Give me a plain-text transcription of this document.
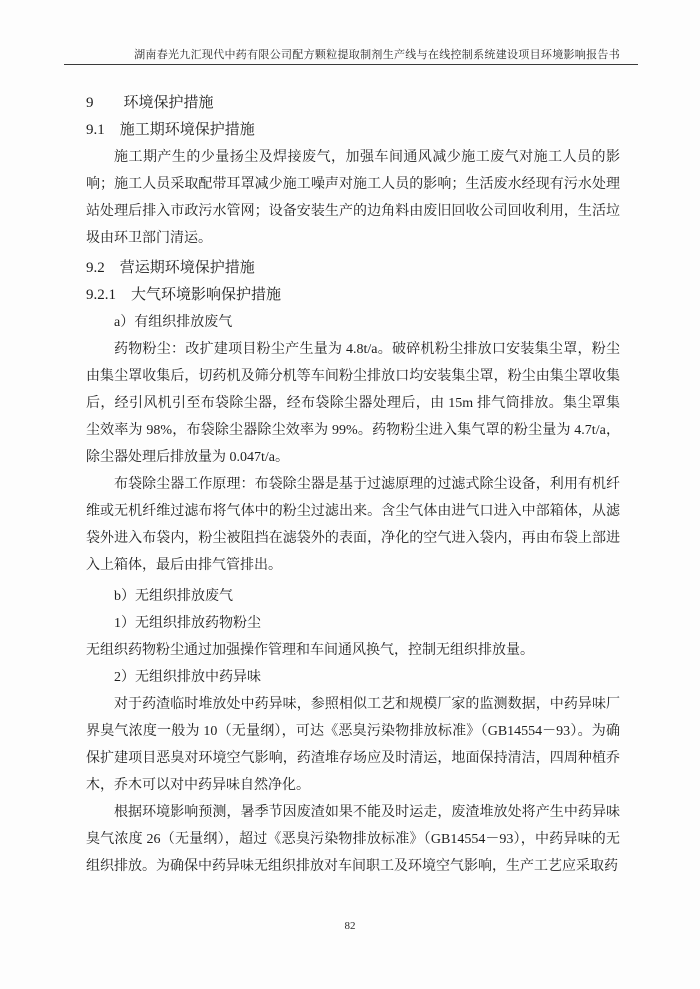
湖南春光九汇现代中药有限公司配方颗粒提取制剂生产线与在线控制系统建设项目环境影响报告书

9　　环境保护措施

9.1　施工期环境保护措施

施工期产生的少量扬尘及焊接废气，加强车间通风减少施工废气对施工人员的影响；施工人员采取配带耳罩减少施工噪声对施工人员的影响；生活废水经现有污水处理站处理后排入市政污水管网；设备安装生产的边角料由废旧回收公司回收利用，生活垃圾由环卫部门清运。

9.2　营运期环境保护措施

9.2.1　大气环境影响保护措施

a）有组织排放废气

药物粉尘：改扩建项目粉尘产生量为 4.8t/a。破碎机粉尘排放口安装集尘罩，粉尘由集尘罩收集后，切药机及筛分机等车间粉尘排放口均安装集尘罩，粉尘由集尘罩收集后，经引风机引至布袋除尘器，经布袋除尘器处理后，由 15m 排气筒排放。集尘罩集尘效率为 98%，布袋除尘器除尘效率为 99%。药物粉尘进入集气罩的粉尘量为 4.7t/a，除尘器处理后排放量为 0.047t/a。

布袋除尘器工作原理：布袋除尘器是基于过滤原理的过滤式除尘设备，利用有机纤维或无机纤维过滤布将气体中的粉尘过滤出来。含尘气体由进气口进入中部箱体，从滤袋外进入布袋内，粉尘被阻挡在滤袋外的表面，净化的空气进入袋内，再由布袋上部进入上箱体，最后由排气管排出。

b）无组织排放废气

1）无组织排放药物粉尘

无组织药物粉尘通过加强操作管理和车间通风换气，控制无组织排放量。

2）无组织排放中药异味

对于药渣临时堆放处中药异味，参照相似工艺和规模厂家的监测数据，中药异味厂界臭气浓度一般为 10（无量纲），可达《恶臭污染物排放标准》（GB14554－93）。为确保扩建项目恶臭对环境空气影响，药渣堆存场应及时清运，地面保持清洁，四周种植乔木，乔木可以对中药异味自然净化。

根据环境影响预测，暑季节因废渣如果不能及时运走，废渣堆放处将产生中药异味臭气浓度 26（无量纲），超过《恶臭污染物排放标准》（GB14554－93），中药异味的无组织排放。为确保中药异味无组织排放对车间职工及环境空气影响，生产工艺应采取药

82
